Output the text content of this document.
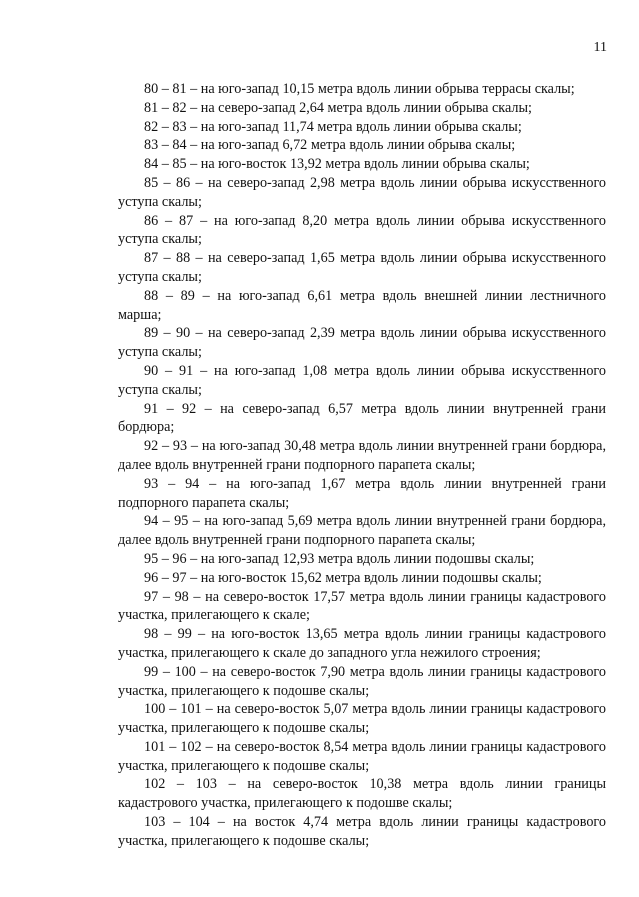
11

80 – 81 – на юго-запад 10,15 метра вдоль линии обрыва террасы скалы;

81 – 82 – на северо-запад 2,64 метра вдоль линии обрыва скалы;

82 – 83 – на юго-запад 11,74 метра вдоль линии обрыва скалы;

83 – 84 – на юго-запад 6,72 метра вдоль линии обрыва скалы;

84 – 85 – на юго-восток 13,92 метра вдоль линии обрыва скалы;

85 – 86 – на северо-запад 2,98 метра вдоль линии обрыва искусственного уступа скалы;

86 – 87 – на юго-запад 8,20 метра вдоль линии обрыва искусственного уступа скалы;

87 – 88 – на северо-запад 1,65 метра вдоль линии обрыва искусственного уступа скалы;

88 – 89 – на юго-запад 6,61 метра вдоль внешней линии лестничного марша;

89 – 90 – на северо-запад 2,39 метра вдоль линии обрыва искусственного уступа скалы;

90 – 91 – на юго-запад 1,08 метра вдоль линии обрыва искусственного уступа скалы;

91 – 92 – на северо-запад 6,57 метра вдоль линии внутренней грани бордюра;

92 – 93 – на юго-запад 30,48 метра вдоль линии внутренней грани бордюра, далее вдоль внутренней грани подпорного парапета скалы;

93 – 94 – на юго-запад 1,67 метра вдоль линии внутренней грани подпорного парапета скалы;

94 – 95 – на юго-запад 5,69 метра вдоль линии внутренней грани бордюра, далее вдоль внутренней грани подпорного парапета скалы;

95 – 96 – на юго-запад 12,93 метра вдоль линии подошвы скалы;

96 – 97 – на юго-восток 15,62 метра вдоль линии подошвы скалы;

97 – 98 – на северо-восток 17,57 метра вдоль линии границы кадастрового участка, прилегающего к скале;

98 – 99 – на юго-восток 13,65 метра вдоль линии границы кадастрового участка, прилегающего к скале до западного угла нежилого строения;

99 – 100 – на северо-восток 7,90 метра вдоль линии границы кадастрового участка, прилегающего к подошве скалы;

100 – 101 – на северо-восток 5,07 метра вдоль линии границы кадастрового участка, прилегающего к подошве скалы;

101 – 102 – на северо-восток 8,54 метра вдоль линии границы кадастрового участка, прилегающего к подошве скалы;

102 – 103 – на северо-восток 10,38 метра вдоль линии границы кадастрового участка, прилегающего к подошве скалы;

103 – 104 – на восток 4,74 метра вдоль линии границы кадастрового участка, прилегающего к подошве скалы;
